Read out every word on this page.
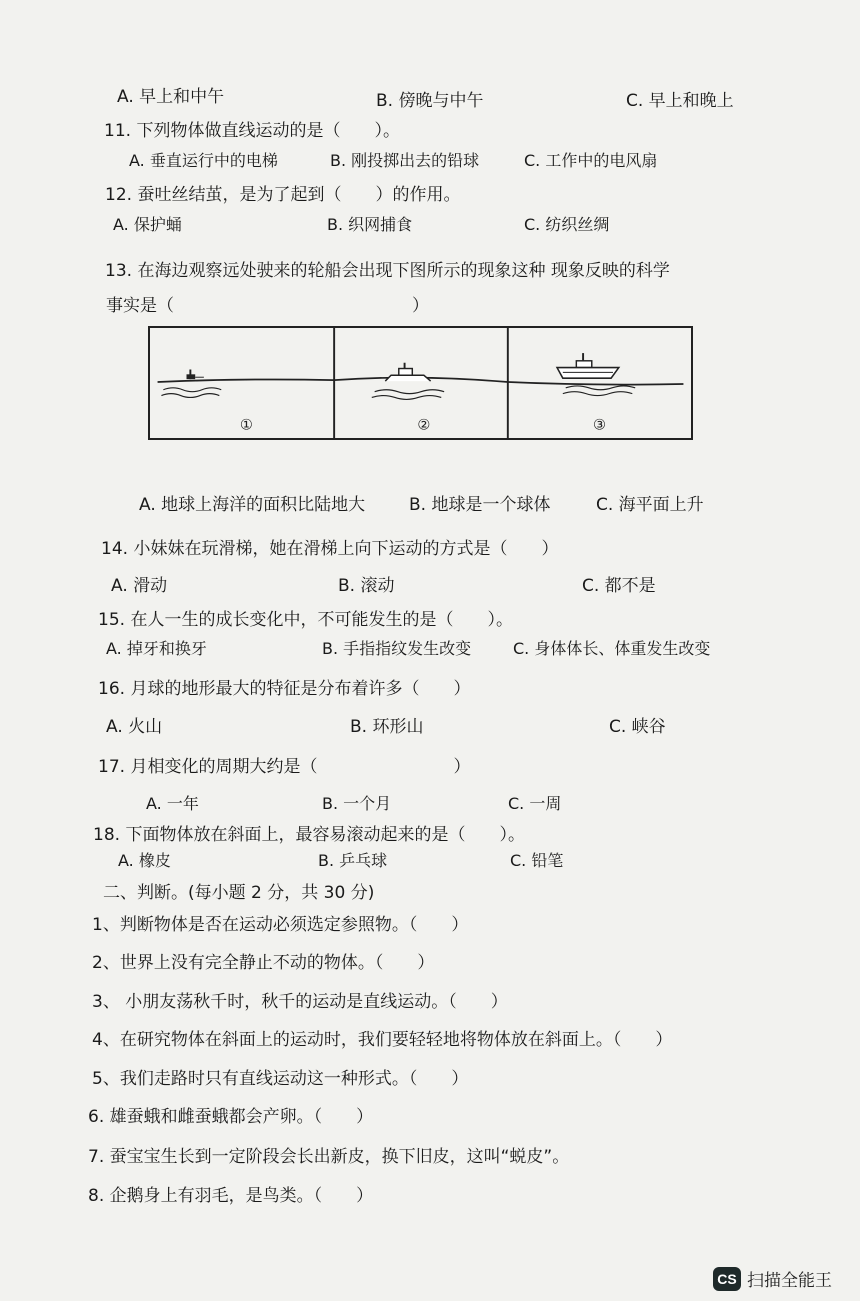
A. 早上和中午	B. 傍晚与中午	C. 早上和晚上
11. 下列物体做直线运动的是（　　）。
A. 垂直运行中的电梯	B. 刚投掷出去的铅球	C. 工作中的电风扇
12. 蚕吐丝结茧，是为了起到（　　）的作用。
A. 保护蛹	B. 织网捕食	C. 纺织丝绸
13. 在海边观察远处驶来的轮船会出现下图所示的现象这种 现象反映的科学
事实是（　　　　　　　　　　　　　　）
①	②	③
A. 地球上海洋的面积比陆地大	B. 地球是一个球体	C. 海平面上升
14. 小妹妹在玩滑梯，她在滑梯上向下运动的方式是（　　）
A. 滑动	B. 滚动	C. 都不是
15. 在人一生的成长变化中，不可能发生的是（　　）。
A. 掉牙和换牙	B. 手指指纹发生改变	C. 身体体长、体重发生改变
16. 月球的地形最大的特征是分布着许多（　　）
A. 火山	B. 环形山	C. 峡谷
17. 月相变化的周期大约是（　　　　　　　　）
A. 一年	B. 一个月	C. 一周
18. 下面物体放在斜面上，最容易滚动起来的是（　　）。
A. 橡皮	B. 乒乓球	C. 铅笔
二、判断。(每小题 2 分，共 30 分)
1、判断物体是否在运动必须选定参照物。（　　）
2、世界上没有完全静止不动的物体。（　　）
3、 小朋友荡秋千时，秋千的运动是直线运动。（　　）
4、在研究物体在斜面上的运动时，我们要轻轻地将物体放在斜面上。（　　）
5、我们走路时只有直线运动这一种形式。（　　）
6. 雄蚕蛾和雌蚕蛾都会产卵。（　　）
7. 蚕宝宝生长到一定阶段会长出新皮，换下旧皮，这叫“蜕皮”。
8. 企鹅身上有羽毛，是鸟类。（　　）
CS 扫描全能王
